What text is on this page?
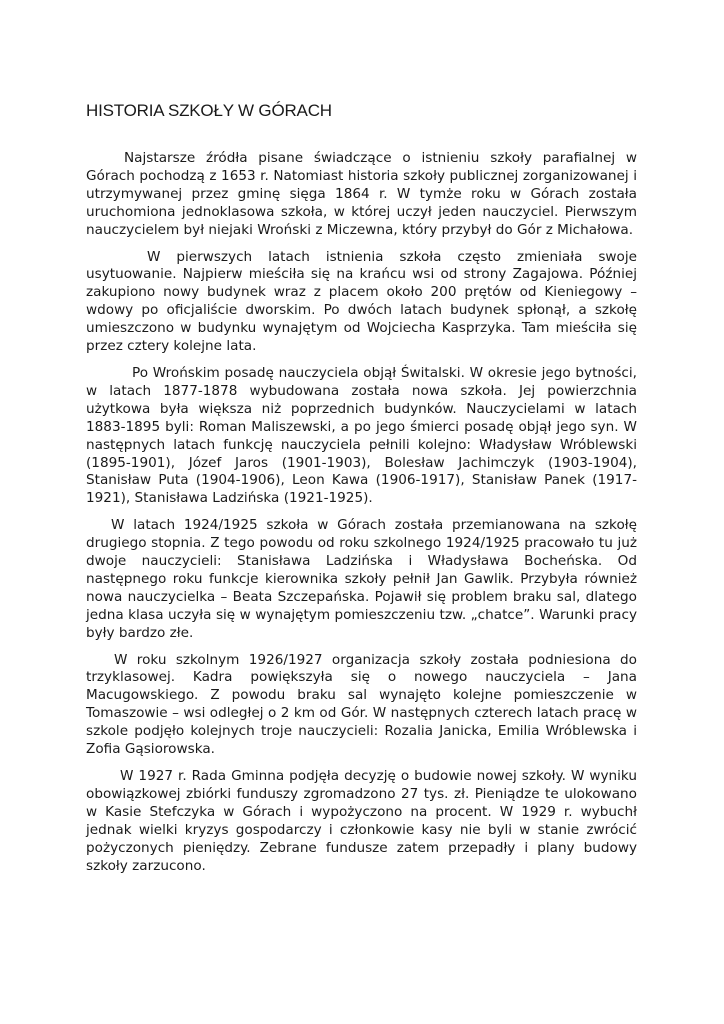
HISTORIA SZKOŁY W GÓRACH

Najstarsze źródła pisane świadczące o istnieniu szkoły parafialnej w Górach pochodzą z 1653 r. Natomiast historia szkoły publicznej zorganizowanej i utrzymywanej przez gminę sięga 1864 r. W tymże roku w Górach została uruchomiona jednoklasowa szkoła, w której uczył jeden nauczyciel. Pierwszym nauczycielem był niejaki Wroński z Miczewna, który przybył do Gór z Michałowa.

W pierwszych latach istnienia szkoła często zmieniała swoje usytuowanie. Najpierw mieściła się na krańcu wsi od strony Zagajowa. Później zakupiono nowy budynek wraz z placem około 200 prętów od Kieniegowy – wdowy po oficjaliście dworskim. Po dwóch latach budynek spłonął, a szkołę umieszczono w budynku wynajętym od Wojciecha Kasprzyka. Tam mieściła się przez cztery kolejne lata.

Po Wrońskim posadę nauczyciela objął Świtalski. W okresie jego bytności, w latach 1877-1878 wybudowana została nowa szkoła. Jej powierzchnia użytkowa była większa niż poprzednich budynków. Nauczycielami w latach 1883-1895 byli: Roman Maliszewski, a po jego śmierci posadę objął jego syn. W następnych latach funkcję nauczyciela pełnili kolejno: Władysław Wróblewski (1895-1901), Józef Jaros (1901-1903), Bolesław Jachimczyk (1903-1904), Stanisław Puta (1904-1906), Leon Kawa (1906-1917), Stanisław Panek (1917-1921), Stanisława Ladzińska (1921-1925).

W latach 1924/1925 szkoła w Górach została przemianowana na szkołę drugiego stopnia. Z tego powodu od roku szkolnego 1924/1925 pracowało tu już dwoje nauczycieli: Stanisława Ladzińska i Władysława Bocheńska. Od następnego roku funkcje kierownika szkoły pełnił Jan Gawlik. Przybyła również nowa nauczycielka – Beata Szczepańska. Pojawił się problem braku sal, dlatego jedna klasa uczyła się w wynajętym pomieszczeniu tzw. „chatce”. Warunki pracy były bardzo złe.

W roku szkolnym 1926/1927 organizacja szkoły została podniesiona do trzyklasowej. Kadra powiększyła się o nowego nauczyciela – Jana Macugowskiego. Z powodu braku sal wynajęto kolejne pomieszczenie w Tomaszowie – wsi odległej o 2 km od Gór. W następnych czterech latach pracę w szkole podjęło kolejnych troje nauczycieli: Rozalia Janicka, Emilia Wróblewska i Zofia Gąsiorowska.

W 1927 r. Rada Gminna podjęła decyzję o budowie nowej szkoły. W wyniku obowiązkowej zbiórki funduszy zgromadzono 27 tys. zł. Pieniądze te ulokowano w Kasie Stefczyka w Górach i wypożyczono na procent. W 1929 r. wybuchł jednak wielki kryzys gospodarczy i członkowie kasy nie byli w stanie zwrócić pożyczonych pieniędzy. Zebrane fundusze zatem przepadły i plany budowy szkoły zarzucono.
